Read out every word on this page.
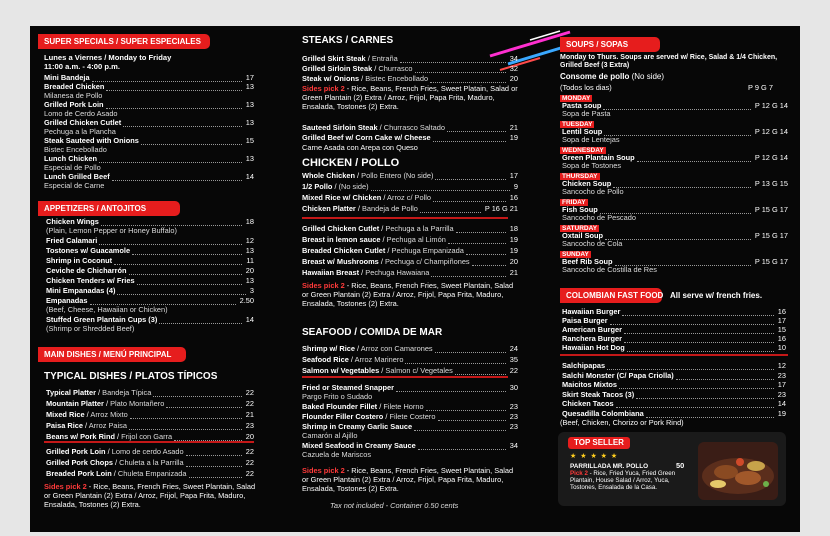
SUPER SPECIALS / SUPER ESPECIALES
Lunes a Viernes / Monday to Friday
11:00 a.m. - 4:00 p.m.
Mini Bandeja	17
Breaded Chicken	13
Milanesa de Pollo
Grilled Pork Loin	13
Lomo de Cerdo Asado
Grilled Chicken Cutlet	13
Pechuga a la Plancha
Steak Sauteed with Onions	15
Bistec Encebollado
Lunch Chicken	13
Especial de Pollo
Lunch Grilled Beef	14
Especial de Carne
APPETIZERS / ANTOJITOS
Chicken Wings	18
(Plain, Lemon Pepper or Honey Buffalo)
Fried Calamari	12
Tostones w/ Guacamole	13
Shrimp in Coconut	11
Ceviche de Chicharrón	20
Chicken Tenders w/ Fries	13
Mini Empanadas (4)	3
Empanadas	2.50
(Beef, Cheese, Hawaiian or Chicken)
Stuffed Green Plantain Cups (3)	14
(Shrimp or Shredded Beef)
MAIN DISHES / MENÚ PRINCIPAL
TYPICAL DISHES / PLATOS TÍPICOS
Typical Platter / Bandeja Típica	22
Mountain Platter / Plato Montañero	22
Mixed Rice / Arroz Mixto	21
Paisa Rice / Arroz Paisa	23
Beans w/ Pork Rind / Frijol con Garra	20
Grilled Pork Loin / Lomo de cerdo Asado	22
Grilled Pork Chops / Chuleta a la Parrilla	22
Breaded Pork Loin / Chuleta Empanizada	22
Sides pick 2 - Rice, Beans, French Fries, Sweet Plantain, Salad or Green Plantain (2) Extra / Arroz, Frijol, Papa Frita, Maduro, Ensalada, Tostones (2) Extra.
STEAKS / CARNES
Grilled Skirt Steak / Entraña	34
Grilled Sirloin Steak / Churrasco	32
Steak w/ Onions / Bistec Encebollado	20
Sides pick 2 - Rice, Beans, French Fries, Sweet Platain, Salad or Green Plantain (2) Extra / Arroz, Frijol, Papa Frita, Maduro, Ensalada, Tostones (2) Extra.
Sauteed Sirloin Steak / Churrasco Saltado	21
Grilled Beef w/ Corn Cake w/ Cheese	19
Carne Asada con Arepa con Queso
CHICKEN / POLLO
Whole Chicken / Pollo Entero (No side)	17
1/2 Pollo / (No side)	9
Mixed Rice w/ Chicken / Arroz c/ Pollo	16
Chicken Platter / Bandeja de Pollo	P 16 G 21
Grilled Chicken Cutlet / Pechuga a la Parrilla	18
Breast in lemon sauce / Pechuga al Limón	19
Breaded Chicken Cutlet / Pechuga Empanizada	19
Breast w/ Mushrooms / Pechuga c/ Champiñones	20
Hawaiian Breast / Pechuga Hawaiana	21
Sides pick 2 - Rice, Beans, French Fries, Sweet Plantain, Salad or Green Plantain (2) Extra / Arroz, Frijol, Papa Frita, Maduro, Ensalada, Tostones (2) Extra.
SEAFOOD / COMIDA DE MAR
Shrimp w/ Rice / Arroz con Camarones	24
Seafood Rice / Arroz Marinero	35
Salmon w/ Vegetables / Salmon c/ Vegetales	22
Fried or Steamed Snapper	30
Pargo Frito o Sudado
Baked Flounder Fillet / Filete Horno	23
Flounder Filler Costero / Filete Costero	23
Shrimp in Creamy Garlic Sauce	23
Camarón al Ajillo
Mixed Seafood in Creamy Sauce	34
Cazuela de Mariscos
Sides pick 2 - Rice, Beans, French Fries, Sweet Plantain, Salad or Green Plantain (2) Extra / Arroz, Frijol, Papa Frita, Maduro, Ensalada, Tostones (2) Extra.
Tax not included - Container 0.50 cents
SOUPS / SOPAS
Monday to Thurs. Soups are served w/ Rice, Salad & 1/4 Chicken, Grilled Beef (3 Extra)
Consome de pollo (No side)
(Todos los dias)	P 9 G 7
MONDAY
Pasta soup	P 12 G 14
Sopa de Pasta
TUESDAY
Lentil Soup	P 12 G 14
Sopa de Lentejas
WEDNESDAY
Green Plantain Soup	P 12 G 14
Sopa de Tostones
THURSDAY
Chicken Soup	P 13 G 15
Sancocho de Pollo
FRIDAY
Fish Soup	P 15 G 17
Sancocho de Pescado
SATURDAY
Oxtail Soup	P 15 G 17
Sancocho de Cola
SUNDAY
Beef Rib Soup	P 15 G 17
Sancocho de Costilla de Res
COLOMBIAN FAST FOOD All serve w/ french fries.
Hawaiian Burger	16
Paisa Burger	17
American Burger	15
Ranchera Burger	16
Hawaiian Hot Dog	10
Salchipapas	12
Salchi Monster (C/ Papa Criolla)	23
Maicitos Mixtos	17
Skirt Steak Tacos (3)	23
Chicken Tacos	14
Quesadilla Colombiana	19
(Beef, Chicken, Chorizo or Pork Rind)
TOP SELLER
★ ★ ★ ★ ★
PARRILLADA MR. POLLO	50
Pick 2 - Rice, Fried Yuca, Fried Green Plantain, House Salad / Arroz, Yuca, Tostones, Ensalada de la Casa.
